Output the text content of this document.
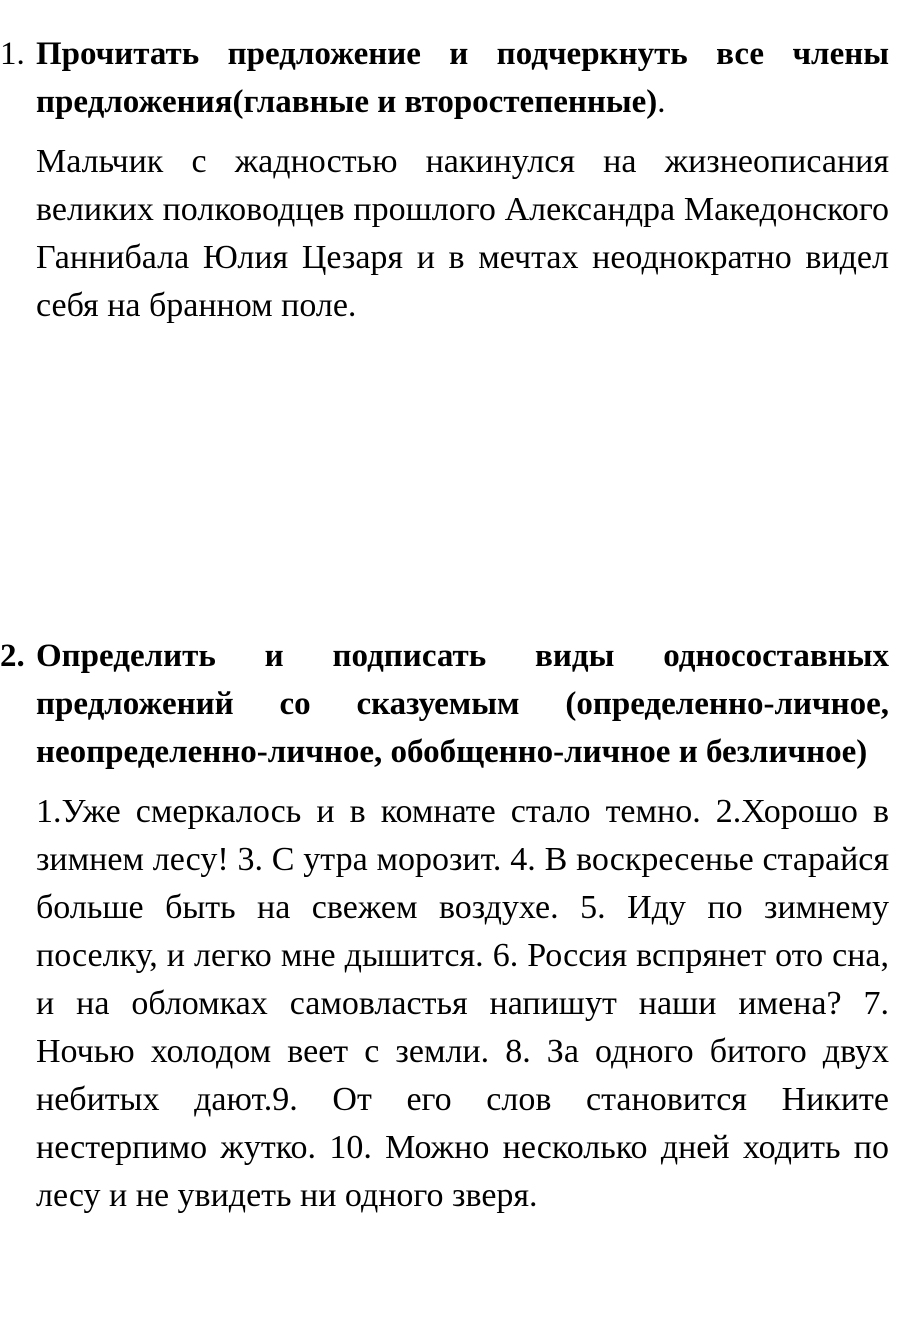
1. Прочитать предложение и подчеркнуть все члены предложения(главные и второстепенные).

Мальчик с жадностью накинулся на жизнеописания великих полководцев прошлого Александра Македонского Ганнибала Юлия Цезаря и в мечтах неоднократно видел себя на бранном поле.

2. Определить и подписать виды односоставных предложений со сказуемым (определенно-личное, неопределенно-личное, обобщенно-личное и безличное)

1.Уже смеркалось и в комнате стало темно. 2.Хорошо в зимнем лесу! 3. С утра морозит. 4. В воскресенье старайся больше быть на свежем воздухе. 5. Иду по зимнему поселку, и легко мне дышится. 6. Россия вспрянет ото сна, и на обломках самовластья напишут наши имена? 7. Ночью холодом веет с земли. 8. За одного битого двух небитых дают.9. От его слов становится Никите нестерпимо жутко. 10. Можно несколько дней ходить по лесу и не увидеть ни одного зверя.
